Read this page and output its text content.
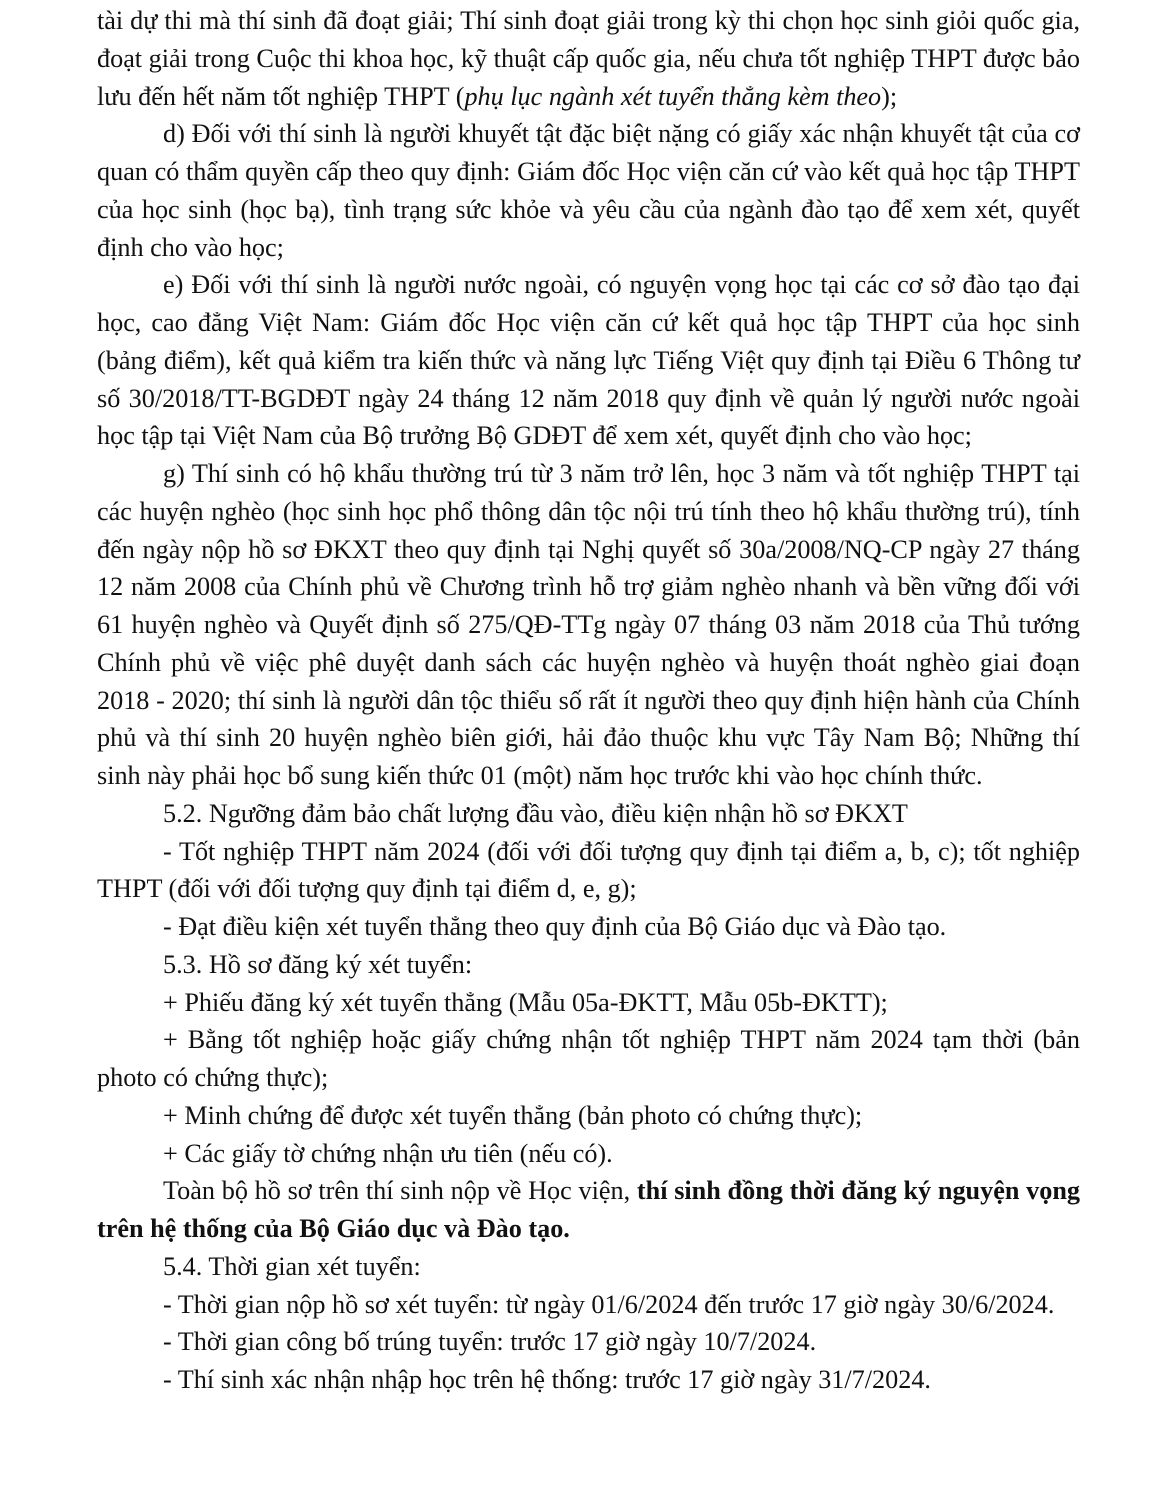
tài dự thi mà thí sinh đã đoạt giải; Thí sinh đoạt giải trong kỳ thi chọn học sinh giỏi quốc gia, đoạt giải trong Cuộc thi khoa học, kỹ thuật cấp quốc gia, nếu chưa tốt nghiệp THPT được bảo lưu đến hết năm tốt nghiệp THPT (phụ lục ngành xét tuyển thẳng kèm theo);

d) Đối với thí sinh là người khuyết tật đặc biệt nặng có giấy xác nhận khuyết tật của cơ quan có thẩm quyền cấp theo quy định: Giám đốc Học viện căn cứ vào kết quả học tập THPT của học sinh (học bạ), tình trạng sức khỏe và yêu cầu của ngành đào tạo để xem xét, quyết định cho vào học;

e) Đối với thí sinh là người nước ngoài, có nguyện vọng học tại các cơ sở đào tạo đại học, cao đẳng Việt Nam: Giám đốc Học viện căn cứ kết quả học tập THPT của học sinh (bảng điểm), kết quả kiểm tra kiến thức và năng lực Tiếng Việt quy định tại Điều 6 Thông tư số 30/2018/TT-BGDĐT ngày 24 tháng 12 năm 2018 quy định về quản lý người nước ngoài học tập tại Việt Nam của Bộ trưởng Bộ GDĐT để xem xét, quyết định cho vào học;

g) Thí sinh có hộ khẩu thường trú từ 3 năm trở lên, học 3 năm và tốt nghiệp THPT tại các huyện nghèo (học sinh học phổ thông dân tộc nội trú tính theo hộ khẩu thường trú), tính đến ngày nộp hồ sơ ĐKXT theo quy định tại Nghị quyết số 30a/2008/NQ-CP ngày 27 tháng 12 năm 2008 của Chính phủ về Chương trình hỗ trợ giảm nghèo nhanh và bền vững đối với 61 huyện nghèo và Quyết định số 275/QĐ-TTg ngày 07 tháng 03 năm 2018 của Thủ tướng Chính phủ về việc phê duyệt danh sách các huyện nghèo và huyện thoát nghèo giai đoạn 2018 - 2020; thí sinh là người dân tộc thiểu số rất ít người theo quy định hiện hành của Chính phủ và thí sinh 20 huyện nghèo biên giới, hải đảo thuộc khu vực Tây Nam Bộ; Những thí sinh này phải học bổ sung kiến thức 01 (một) năm học trước khi vào học chính thức.

5.2. Ngưỡng đảm bảo chất lượng đầu vào, điều kiện nhận hồ sơ ĐKXT

- Tốt nghiệp THPT năm 2024 (đối với đối tượng quy định tại điểm a, b, c); tốt nghiệp THPT (đối với đối tượng quy định tại điểm d, e, g);

- Đạt điều kiện xét tuyển thẳng theo quy định của Bộ Giáo dục và Đào tạo.

5.3. Hồ sơ đăng ký xét tuyển:

+ Phiếu đăng ký xét tuyển thẳng (Mẫu 05a-ĐKTT, Mẫu 05b-ĐKTT);

+ Bằng tốt nghiệp hoặc giấy chứng nhận tốt nghiệp THPT năm 2024 tạm thời (bản photo có chứng thực);

+ Minh chứng để được xét tuyển thẳng (bản photo có chứng thực);

+ Các giấy tờ chứng nhận ưu tiên (nếu có).

Toàn bộ hồ sơ trên thí sinh nộp về Học viện, thí sinh đồng thời đăng ký nguyện vọng trên hệ thống của Bộ Giáo dục và Đào tạo.

5.4. Thời gian xét tuyển:

- Thời gian nộp hồ sơ xét tuyển: từ ngày 01/6/2024 đến trước 17 giờ ngày 30/6/2024.

- Thời gian công bố trúng tuyển: trước 17 giờ ngày 10/7/2024.

- Thí sinh xác nhận nhập học trên hệ thống: trước 17 giờ ngày 31/7/2024.
